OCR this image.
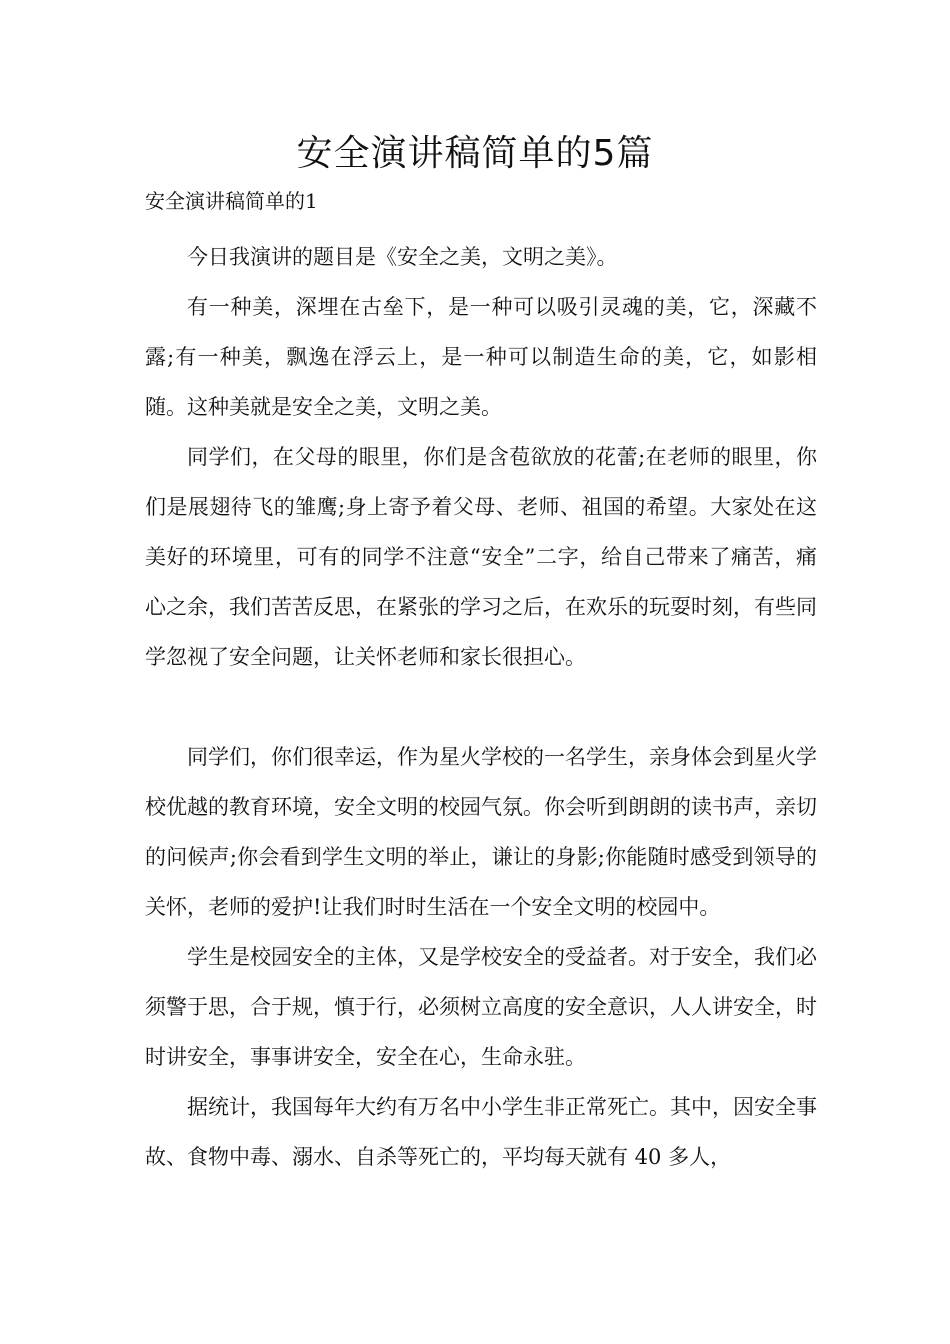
安全演讲稿简单的5篇
安全演讲稿简单的1

今日我演讲的题目是《安全之美，文明之美》。

有一种美，深埋在古垒下，是一种可以吸引灵魂的美，它，深藏不露;有一种美，飘逸在浮云上，是一种可以制造生命的美，它，如影相随。这种美就是安全之美，文明之美。

同学们，在父母的眼里，你们是含苞欲放的花蕾;在老师的眼里，你们是展翅待飞的雏鹰;身上寄予着父母、老师、祖国的希望。大家处在这美好的环境里，可有的同学不注意“安全”二字，给自己带来了痛苦，痛心之余，我们苦苦反思，在紧张的学习之后，在欢乐的玩耍时刻，有些同学忽视了安全问题，让关怀老师和家长很担心。

同学们，你们很幸运，作为星火学校的一名学生，亲身体会到星火学校优越的教育环境，安全文明的校园气氛。你会听到朗朗的读书声，亲切的问候声;你会看到学生文明的举止，谦让的身影;你能随时感受到领导的关怀，老师的爱护!让我们时时生活在一个安全文明的校园中。

学生是校园安全的主体，又是学校安全的受益者。对于安全，我们必须警于思，合于规，慎于行，必须树立高度的安全意识，人人讲安全，时时讲安全，事事讲安全，安全在心，生命永驻。

据统计，我国每年大约有万名中小学生非正常死亡。其中，因安全事故、食物中毒、溺水、自杀等死亡的，平均每天就有 40 多人，
